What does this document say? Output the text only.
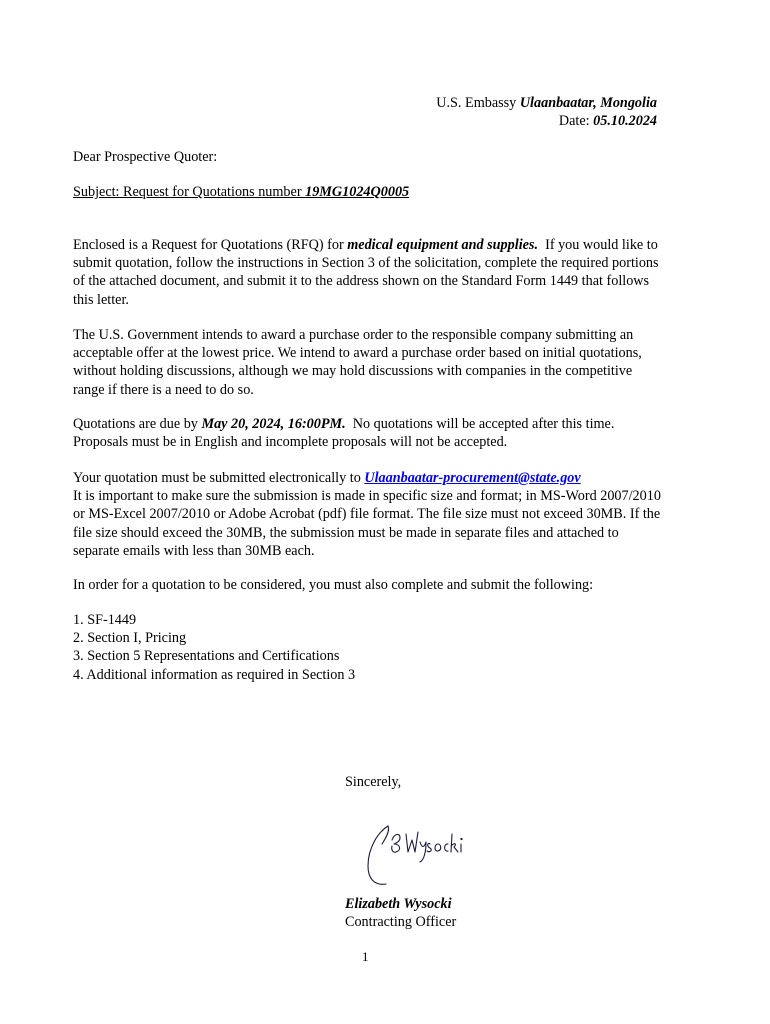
U.S. Embassy Ulaanbaatar, Mongolia
Date: 05.10.2024
Dear Prospective Quoter:
Subject: Request for Quotations number 19MG1024Q0005
Enclosed is a Request for Quotations (RFQ) for medical equipment and supplies. If you would like to submit quotation, follow the instructions in Section 3 of the solicitation, complete the required portions of the attached document, and submit it to the address shown on the Standard Form 1449 that follows this letter.
The U.S. Government intends to award a purchase order to the responsible company submitting an acceptable offer at the lowest price. We intend to award a purchase order based on initial quotations, without holding discussions, although we may hold discussions with companies in the competitive range if there is a need to do so.
Quotations are due by May 20, 2024, 16:00PM. No quotations will be accepted after this time. Proposals must be in English and incomplete proposals will not be accepted.
Your quotation must be submitted electronically to Ulaanbaatar-procurement@state.gov
It is important to make sure the submission is made in specific size and format; in MS-Word 2007/2010 or MS-Excel 2007/2010 or Adobe Acrobat (pdf) file format. The file size must not exceed 30MB. If the file size should exceed the 30MB, the submission must be made in separate files and attached to separate emails with less than 30MB each.
In order for a quotation to be considered, you must also complete and submit the following:
1. SF-1449
2. Section I, Pricing
3. Section 5 Representations and Certifications
4. Additional information as required in Section 3
Sincerely,
Elizabeth Wysocki
Contracting Officer
1
